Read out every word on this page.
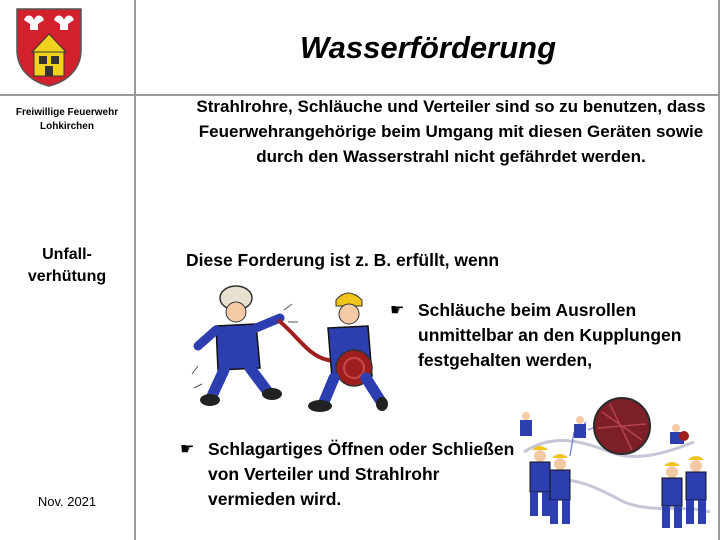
Freiwillige Feuerwehr
Lohkirchen
Unfall-
verhütung
Nov. 2021
Wasserförderung
Strahlrohre, Schläuche und Verteiler sind so zu benutzen, dass Feuerwehrangehörige beim Umgang mit diesen Geräten sowie durch den Wasserstrahl nicht gefährdet werden.
Diese Forderung ist z. B. erfüllt, wenn
☛ Schläuche beim Ausrollen unmittelbar an den Kupplungen festgehalten werden,
☛ Schlagartiges Öffnen oder Schließen von Verteiler und Strahlrohr vermieden wird.
